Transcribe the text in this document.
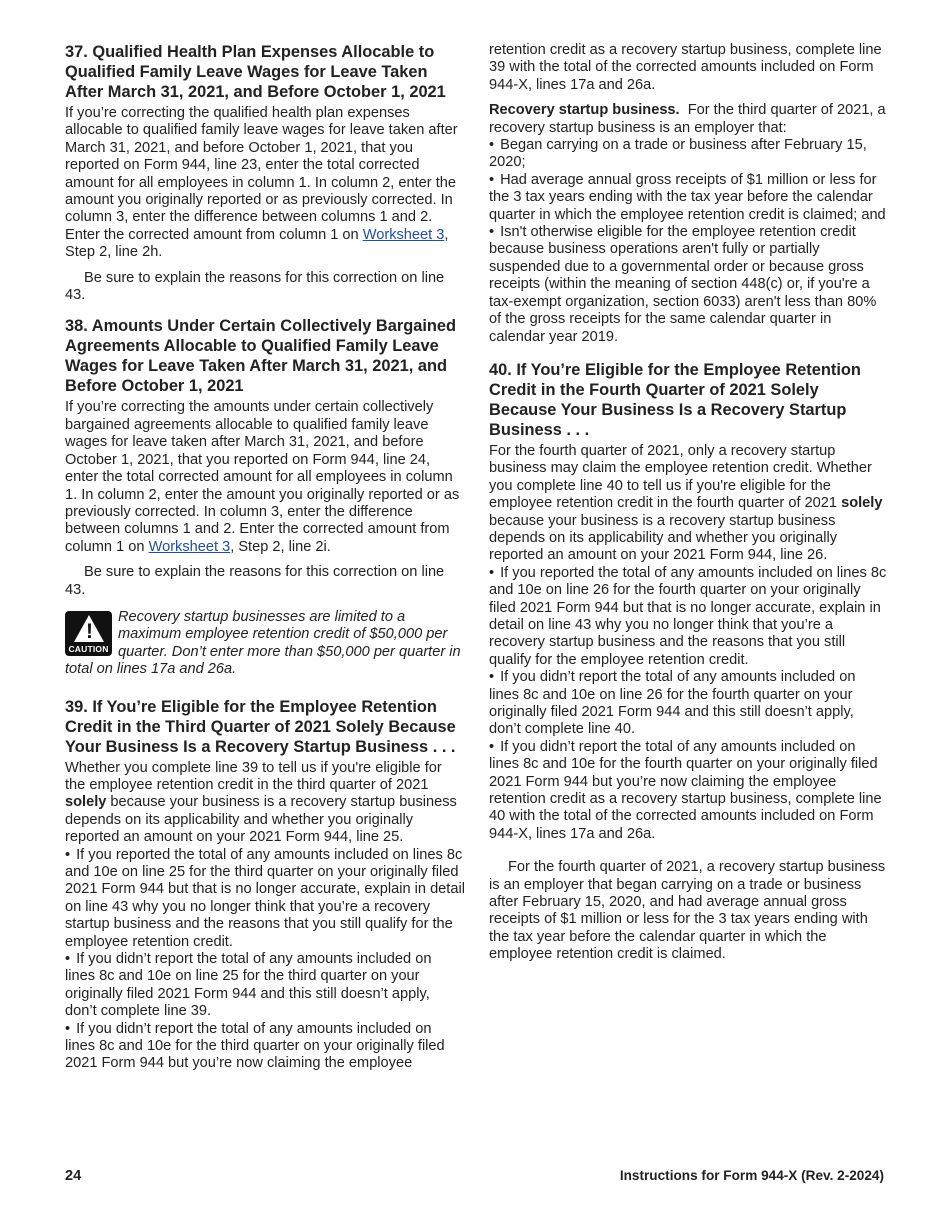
37. Qualified Health Plan Expenses Allocable to Qualified Family Leave Wages for Leave Taken After March 31, 2021, and Before October 1, 2021

If you’re correcting the qualified health plan expenses allocable to qualified family leave wages for leave taken after March 31, 2021, and before October 1, 2021, that you reported on Form 944, line 23, enter the total corrected amount for all employees in column 1. In column 2, enter the amount you originally reported or as previously corrected. In column 3, enter the difference between columns 1 and 2. Enter the corrected amount from column 1 on Worksheet 3, Step 2, line 2h.

Be sure to explain the reasons for this correction on line 43.

38. Amounts Under Certain Collectively Bargained Agreements Allocable to Qualified Family Leave Wages for Leave Taken After March 31, 2021, and Before October 1, 2021

If you’re correcting the amounts under certain collectively bargained agreements allocable to qualified family leave wages for leave taken after March 31, 2021, and before October 1, 2021, that you reported on Form 944, line 24, enter the total corrected amount for all employees in column 1. In column 2, enter the amount you originally reported or as previously corrected. In column 3, enter the difference between columns 1 and 2. Enter the corrected amount from column 1 on Worksheet 3, Step 2, line 2i.

Be sure to explain the reasons for this correction on line 43.

!
CAUTION
Recovery startup businesses are limited to a maximum employee retention credit of $50,000 per quarter. Don’t enter more than $50,000 per quarter in total on lines 17a and 26a.
39. If You’re Eligible for the Employee Retention Credit in the Third Quarter of 2021 Solely Because Your Business Is a Recovery Startup Business . . .

Whether you complete line 39 to tell us if you're eligible for the employee retention credit in the third quarter of 2021 solely because your business is a recovery startup business depends on its applicability and whether you originally reported an amount on your 2021 Form 944, line 25.

• If you reported the total of any amounts included on lines 8c and 10e on line 25 for the third quarter on your originally filed 2021 Form 944 but that is no longer accurate, explain in detail on line 43 why you no longer think that you’re a recovery startup business and the reasons that you still qualify for the employee retention credit.

• If you didn’t report the total of any amounts included on lines 8c and 10e on line 25 for the third quarter on your originally filed 2021 Form 944 and this still doesn’t apply, don’t complete line 39.

• If you didn’t report the total of any amounts included on lines 8c and 10e for the third quarter on your originally filed 2021 Form 944 but you’re now claiming the employee

retention credit as a recovery startup business, complete line 39 with the total of the corrected amounts included on Form 944-X, lines 17a and 26a.

Recovery startup business. For the third quarter of 2021, a recovery startup business is an employer that:

• Began carrying on a trade or business after February 15, 2020;

• Had average annual gross receipts of $1 million or less for the 3 tax years ending with the tax year before the calendar quarter in which the employee retention credit is claimed; and

• Isn't otherwise eligible for the employee retention credit because business operations aren't fully or partially suspended due to a governmental order or because gross receipts (within the meaning of section 448(c) or, if you're a tax-exempt organization, section 6033) aren't less than 80% of the gross receipts for the same calendar quarter in calendar year 2019.

40. If You’re Eligible for the Employee Retention Credit in the Fourth Quarter of 2021 Solely Because Your Business Is a Recovery Startup Business . . .

For the fourth quarter of 2021, only a recovery startup business may claim the employee retention credit. Whether you complete line 40 to tell us if you're eligible for the employee retention credit in the fourth quarter of 2021 solely because your business is a recovery startup business depends on its applicability and whether you originally reported an amount on your 2021 Form 944, line 26.

• If you reported the total of any amounts included on lines 8c and 10e on line 26 for the fourth quarter on your originally filed 2021 Form 944 but that is no longer accurate, explain in detail on line 43 why you no longer think that you’re a recovery startup business and the reasons that you still qualify for the employee retention credit.

• If you didn’t report the total of any amounts included on lines 8c and 10e on line 26 for the fourth quarter on your originally filed 2021 Form 944 and this still doesn’t apply, don’t complete line 40.

• If you didn’t report the total of any amounts included on lines 8c and 10e for the fourth quarter on your originally filed 2021 Form 944 but you’re now claiming the employee retention credit as a recovery startup business, complete line 40 with the total of the corrected amounts included on Form 944-X, lines 17a and 26a.

For the fourth quarter of 2021, a recovery startup business is an employer that began carrying on a trade or business after February 15, 2020, and had average annual gross receipts of $1 million or less for the 3 tax years ending with the tax year before the calendar quarter in which the employee retention credit is claimed.

24	Instructions for Form 944-X (Rev. 2-2024)
